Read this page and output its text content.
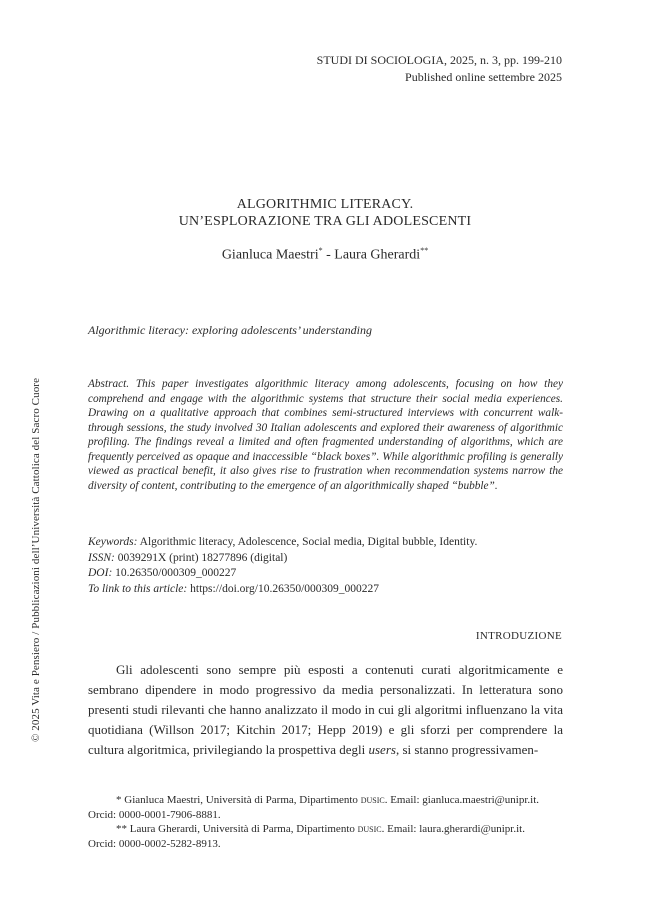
STUDI DI SOCIOLOGIA, 2025, n. 3, pp. 199-210
Published online settembre 2025
ALGORITHMIC LITERACY.
UN’ESPLORAZIONE TRA GLI ADOLESCENTI
Gianluca Maestri* - Laura Gherardi**
Algorithmic literacy: exploring adolescents’ understanding
Abstract. This paper investigates algorithmic literacy among adolescents, focusing on how they comprehend and engage with the algorithmic systems that structure their social media experiences. Drawing on a qualitative approach that combines semi-structured interviews with concurrent walk-through sessions, the study involved 30 Italian adolescents and explored their awareness of algorithmic profiling. The findings reveal a limited and often fragmented understanding of algorithms, which are frequently perceived as opaque and inaccessible “black boxes”. While algorithmic profiling is generally viewed as practical benefit, it also gives rise to frustration when recommendation systems narrow the diversity of content, contributing to the emergence of an algorithmically shaped “bubble”.
Keywords: Algorithmic literacy, Adolescence, Social media, Digital bubble, Identity.
ISSN: 0039291X (print) 18277896 (digital)
DOI: 10.26350/000309_000227
To link to this article: https://doi.org/10.26350/000309_000227
INTRODUZIONE
Gli adolescenti sono sempre più esposti a contenuti curati algoritmicamente e sembrano dipendere in modo progressivo da media personalizzati. In letteratura sono presenti studi rilevanti che hanno analizzato il modo in cui gli algoritmi influenzano la vita quotidiana (Willson 2017; Kitchin 2017; Hepp 2019) e gli sforzi per comprendere la cultura algoritmica, privilegiando la prospettiva degli users, si stanno progressivamen-

* Gianluca Maestri, Università di Parma, Dipartimento dusic. Email: gianluca.maestri@unipr.it.

Orcid: 0000-0001-7906-8881.

** Laura Gherardi, Università di Parma, Dipartimento dusic. Email: laura.gherardi@unipr.it.

Orcid: 0000-0002-5282-8913.

© 2025 Vita e Pensiero / Pubblicazioni dell’Università Cattolica del Sacro Cuore
